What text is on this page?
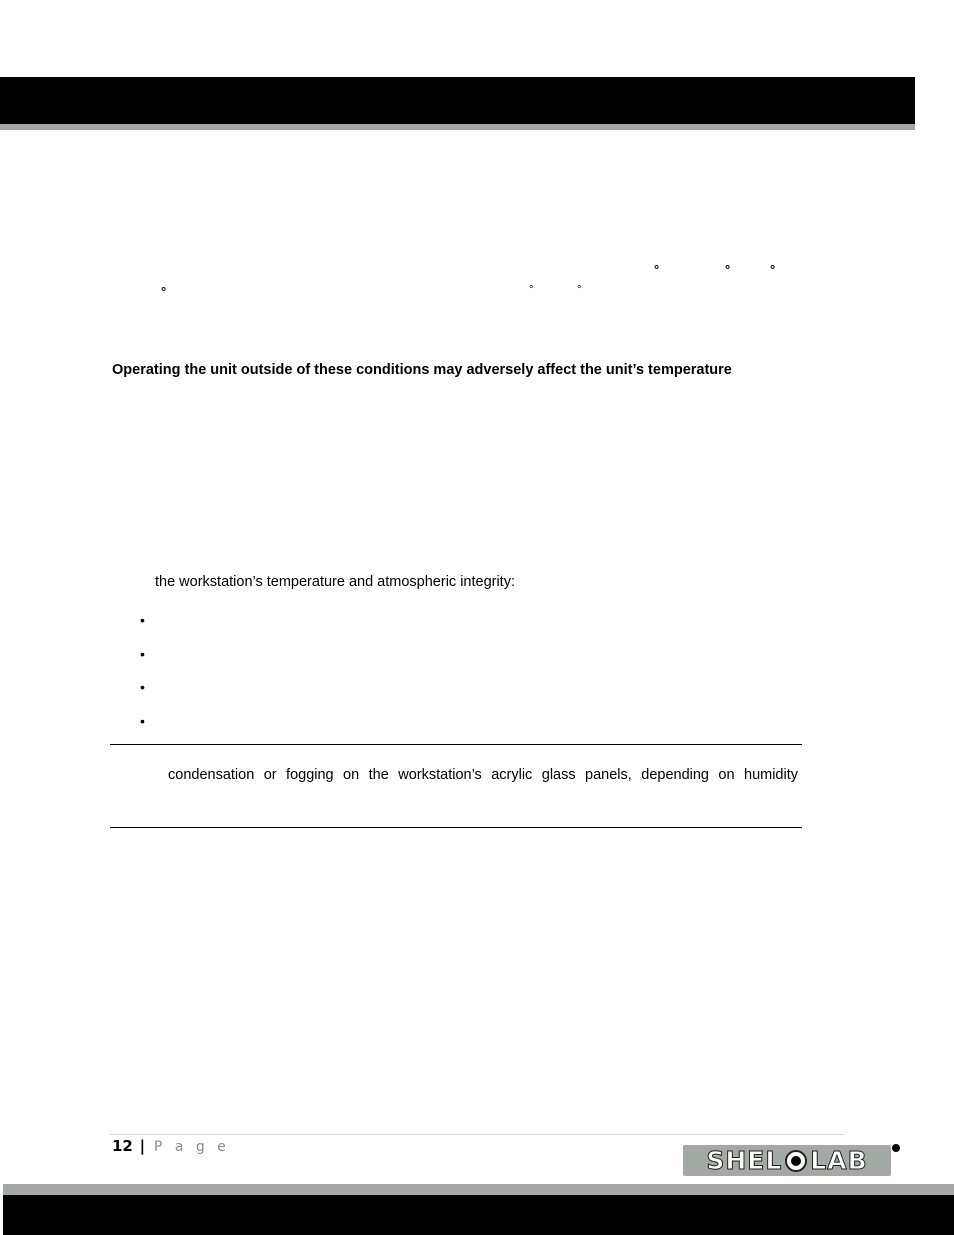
°	°	°
°	°	°
Operating the unit outside of these conditions may adversely affect the unit’s temperature
the workstation’s temperature and atmospheric integrity:
•
•
•
•
condensation or fogging on the workstation’s acrylic glass panels, depending on humidity
12 | P a g e	SHEL LAB
